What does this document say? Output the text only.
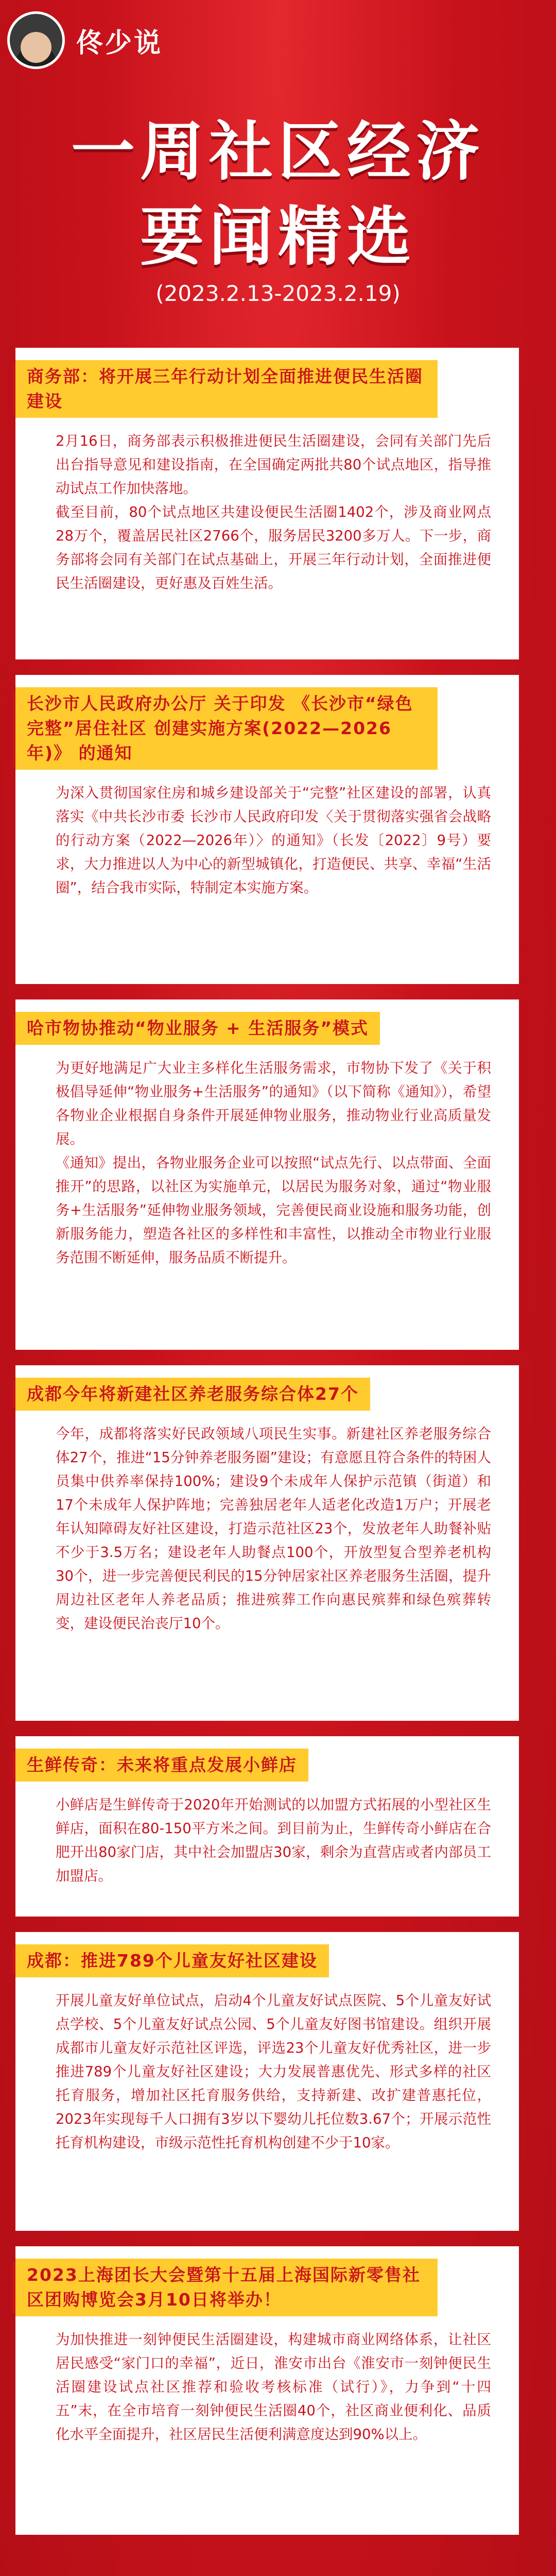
佟少说
一周社区经济
要闻精选
(2023.2.13-2023.2.19)
商务部：将开展三年行动计划全面推进便民生活圈建设

2月16日，商务部表示积极推进便民生活圈建设，会同有关部门先后出台指导意见和建设指南，在全国确定两批共80个试点地区，指导推动试点工作加快落地。

截至目前，80个试点地区共建设便民生活圈1402个，涉及商业网点28万个，覆盖居民社区2766个，服务居民3200多万人。下一步，商务部将会同有关部门在试点基础上，开展三年行动计划，全面推进便民生活圈建设，更好惠及百姓生活。

长沙市人民政府办公厅 关于印发 《长沙市“绿色完整”居住社区 创建实施方案(2022—2026年)》 的通知

为深入贯彻国家住房和城乡建设部关于“完整”社区建设的部署，认真落实《中共长沙市委 长沙市人民政府印发〈关于贯彻落实强省会战略的行动方案（2022—2026年）〉的通知》（长发〔2022〕9号）要求，大力推进以人为中心的新型城镇化，打造便民、共享、幸福“生活圈”，结合我市实际，特制定本实施方案。

哈市物协推动“物业服务 + 生活服务”模式

为更好地满足广大业主多样化生活服务需求，市物协下发了《关于积极倡导延伸“物业服务+生活服务”的通知》（以下简称《通知》），希望各物业企业根据自身条件开展延伸物业服务，推动物业行业高质量发展。

《通知》提出，各物业服务企业可以按照“试点先行、以点带面、全面推开”的思路，以社区为实施单元，以居民为服务对象，通过“物业服务+生活服务”延伸物业服务领域，完善便民商业设施和服务功能，创新服务能力，塑造各社区的多样性和丰富性，以推动全市物业行业服务范围不断延伸，服务品质不断提升。

成都今年将新建社区养老服务综合体27个

今年，成都将落实好民政领域八项民生实事。新建社区养老服务综合体27个，推进“15分钟养老服务圈”建设；有意愿且符合条件的特困人员集中供养率保持100%；建设9个未成年人保护示范镇（街道）和17个未成年人保护阵地；完善独居老年人适老化改造1万户；开展老年认知障碍友好社区建设，打造示范社区23个，发放老年人助餐补贴不少于3.5万名；建设老年人助餐点100个，开放型复合型养老机构30个，进一步完善便民利民的15分钟居家社区养老服务生活圈，提升周边社区老年人养老品质；推进殡葬工作向惠民殡葬和绿色殡葬转变，建设便民治丧厅10个。

生鲜传奇：未来将重点发展小鲜店

小鲜店是生鲜传奇于2020年开始测试的以加盟方式拓展的小型社区生鲜店，面积在80-150平方米之间。到目前为止，生鲜传奇小鲜店在合肥开出80家门店，其中社会加盟店30家，剩余为直营店或者内部员工加盟店。

成都：推进789个儿童友好社区建设

开展儿童友好单位试点，启动4个儿童友好试点医院、5个儿童友好试点学校、5个儿童友好试点公园、5个儿童友好图书馆建设。组织开展成都市儿童友好示范社区评选，评选23个儿童友好优秀社区，进一步推进789个儿童友好社区建设；大力发展普惠优先、形式多样的社区托育服务，增加社区托育服务供给，支持新建、改扩建普惠托位，2023年实现每千人口拥有3岁以下婴幼儿托位数3.67个；开展示范性托育机构建设，市级示范性托育机构创建不少于10家。

2023上海团长大会暨第十五届上海国际新零售社区团购博览会3月10日将举办！

为加快推进一刻钟便民生活圈建设，构建城市商业网络体系，让社区居民感受“家门口的幸福”，近日，淮安市出台《淮安市一刻钟便民生活圈建设试点社区推荐和验收考核标准（试行）》，力争到“十四五”末，在全市培育一刻钟便民生活圈40个，社区商业便利化、品质化水平全面提升，社区居民生活便利满意度达到90%以上。
